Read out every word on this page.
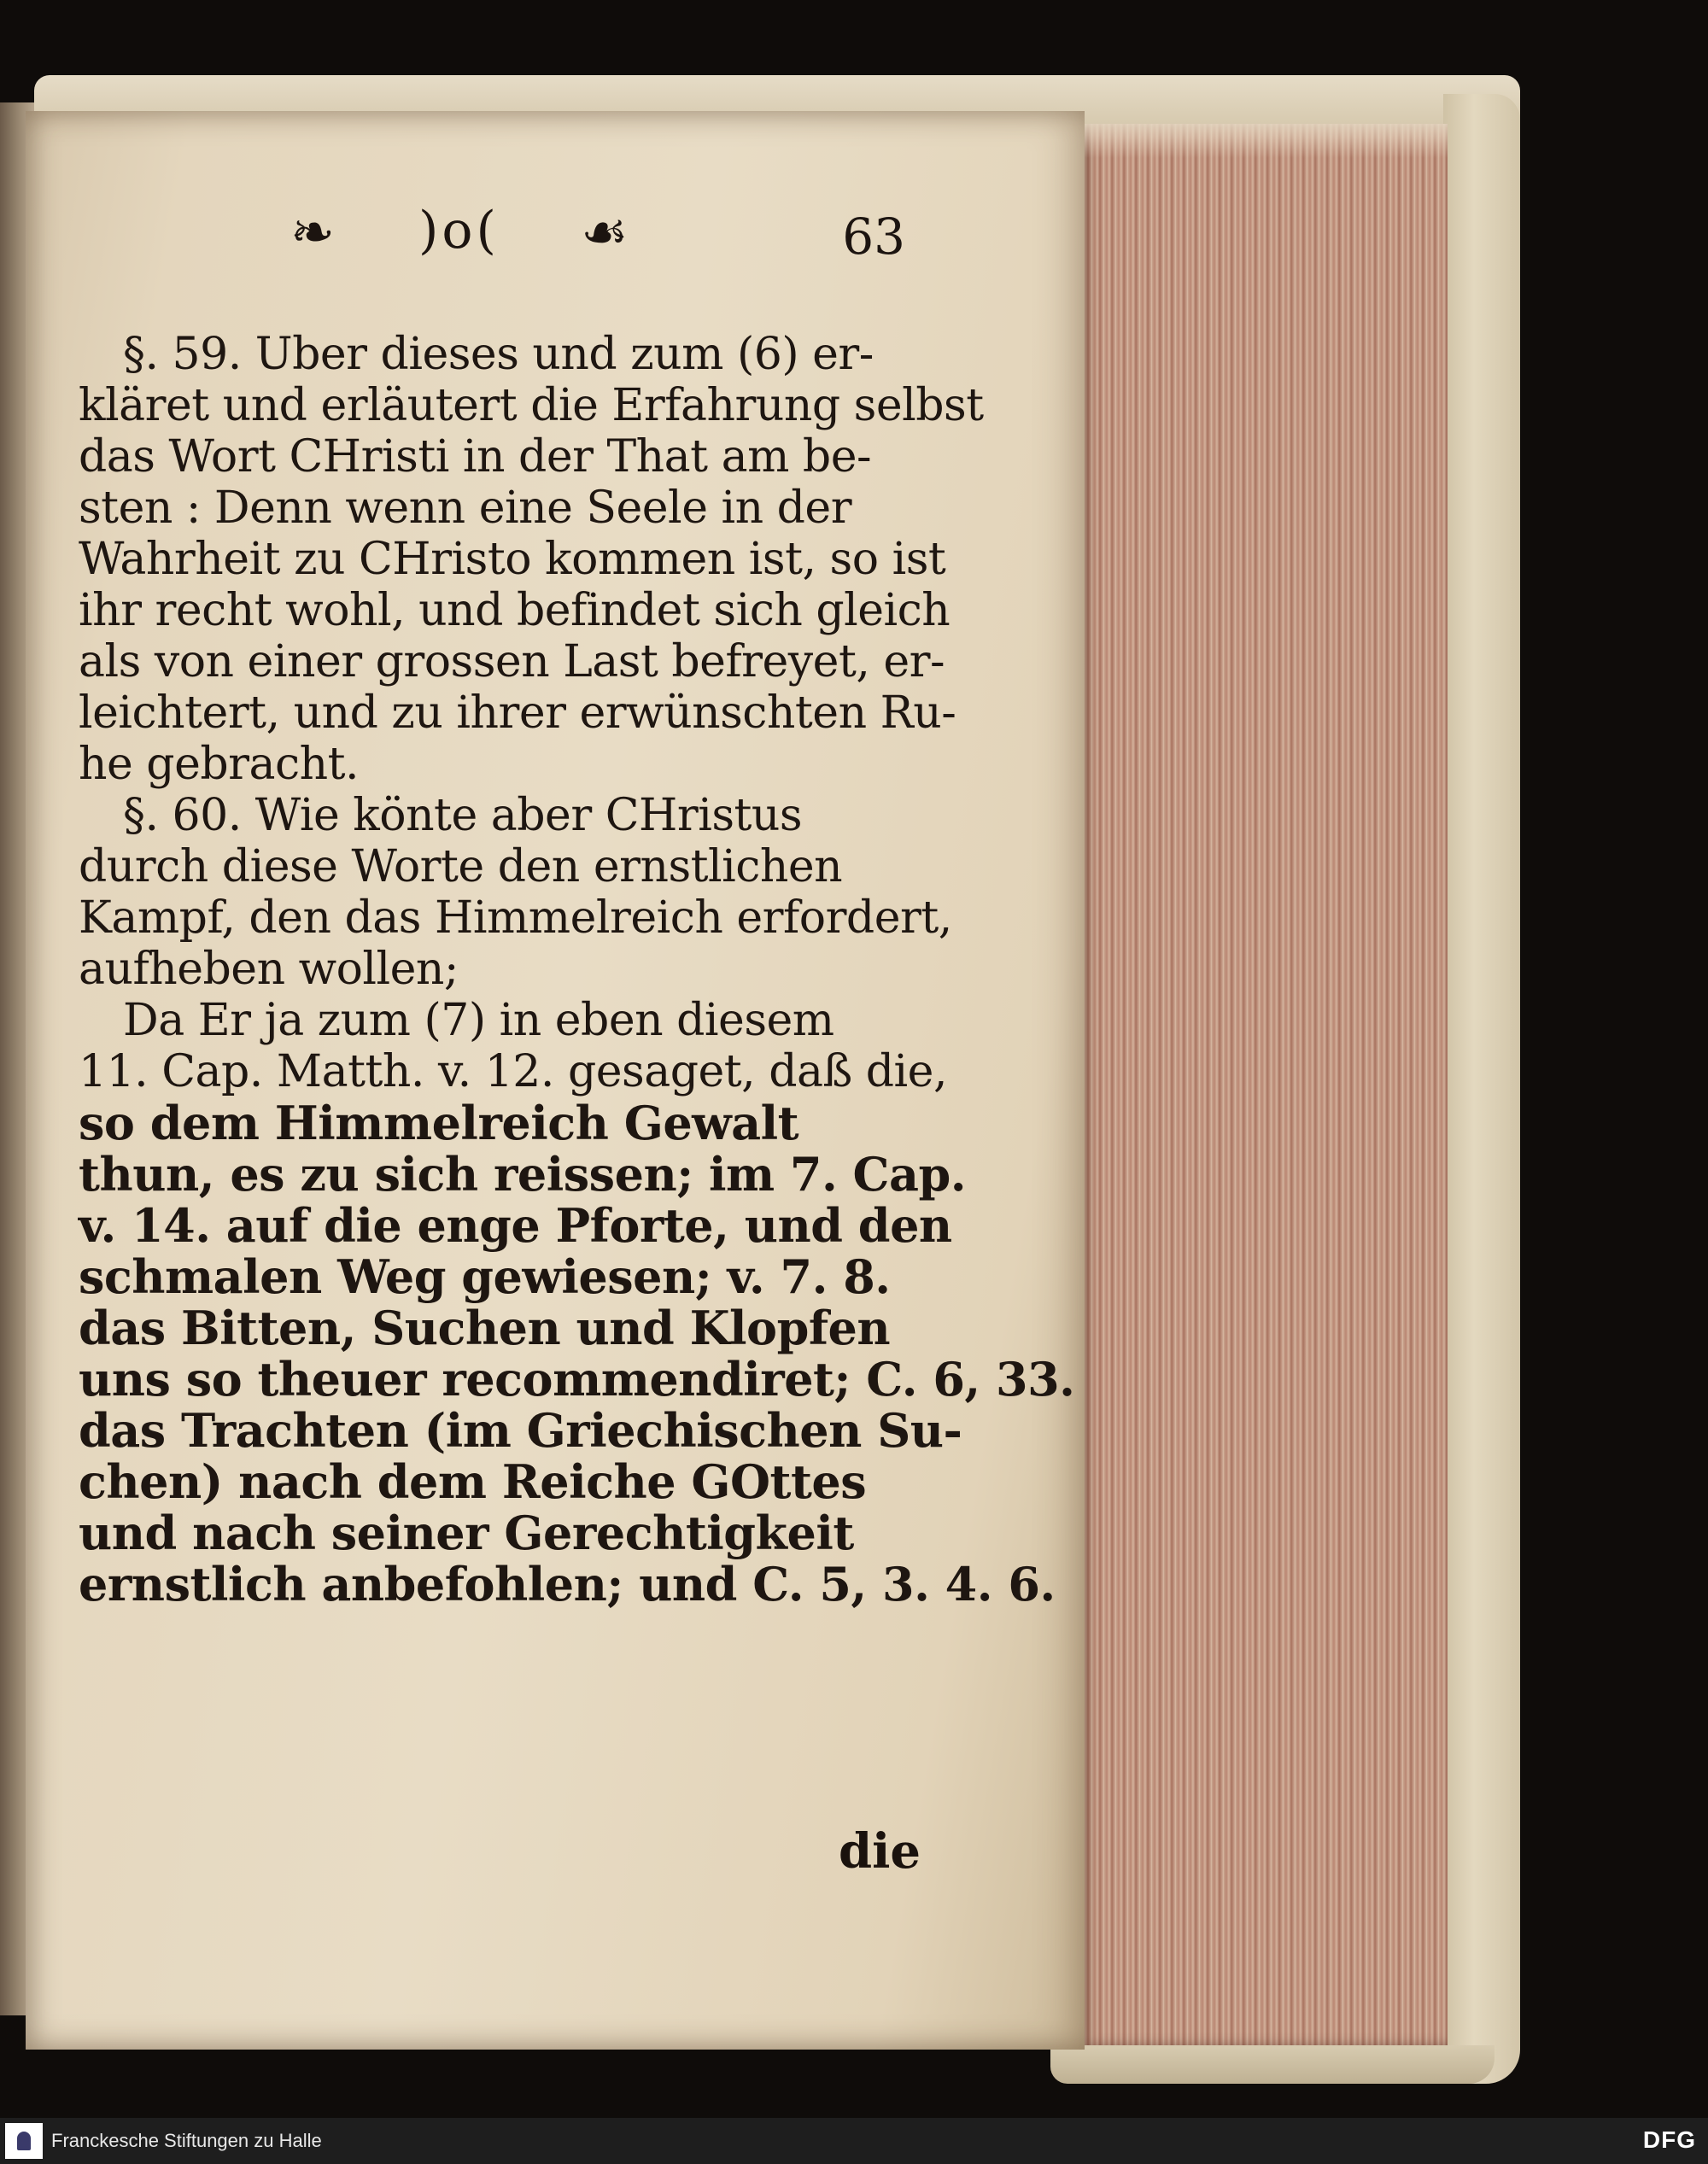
❧ )o( ☙	63
§. 59. Uber dieses und zum (6) er-
kläret und erläutert die Erfahrung selbst
das Wort CHristi in der That am be-
sten : Denn wenn eine Seele in der
Wahrheit zu CHristo kommen ist, so ist
ihr recht wohl, und befindet sich gleich
als von einer grossen Last befreyet, er-
leichtert, und zu ihrer erwünschten Ru-
he gebracht.
§. 60. Wie könte aber CHristus
durch diese Worte den ernstlichen
Kampf, den das Himmelreich erfordert,
aufheben wollen;
Da Er ja zum (7) in eben diesem
11. Cap. Matth. v. 12. gesaget, daß die,
so dem Himmelreich Gewalt
thun, es zu sich reissen; im 7. Cap.
v. 14. auf die enge Pforte, und den
schmalen Weg gewiesen; v. 7. 8.
das Bitten, Suchen und Klopfen
uns so theuer recommendiret; C. 6, 33.
das Trachten (im Griechischen Su-
chen) nach dem Reiche GOttes
und nach seiner Gerechtigkeit
ernstlich anbefohlen; und C. 5, 3. 4. 6.
die
Franckesche Stiftungen zu Halle	DFG
